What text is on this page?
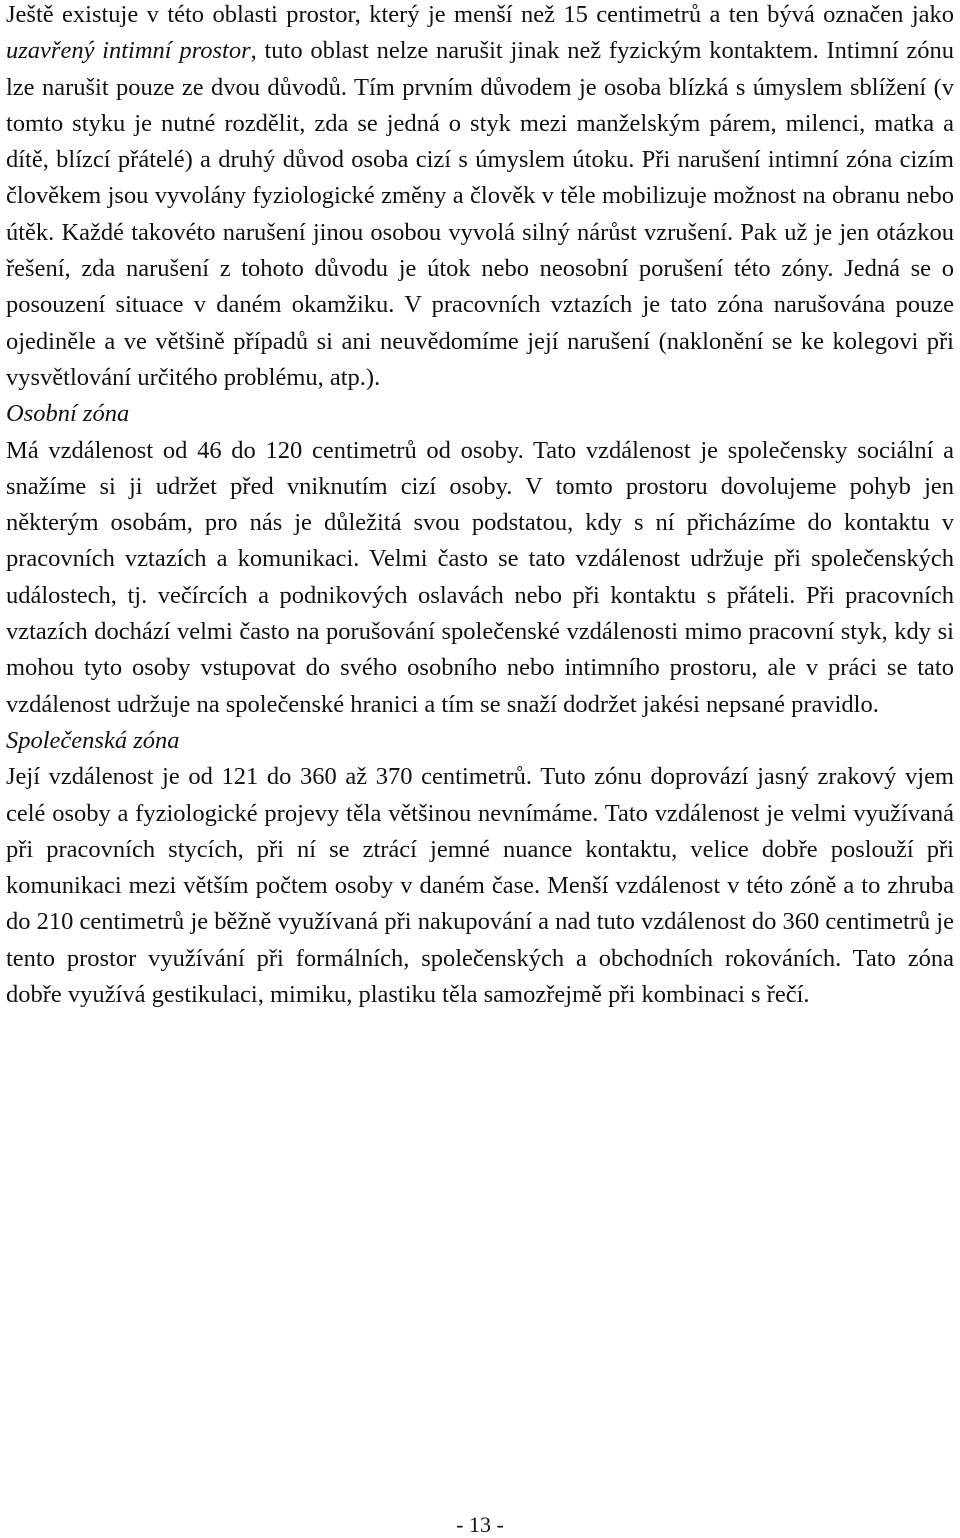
Ještě existuje v této oblasti prostor, který je menší než 15 centimetrů a ten bývá označen jako uzavřený intimní prostor, tuto oblast nelze narušit jinak než fyzickým kontaktem. Intimní zónu lze narušit pouze ze dvou důvodů. Tím prvním důvodem je osoba blízká s úmyslem sblížení (v tomto styku je nutné rozdělit, zda se jedná o styk mezi manželským párem, milenci, matka a dítě, blízcí přátelé) a druhý důvod osoba cizí s úmyslem útoku. Při narušení intimní zóna cizím člověkem jsou vyvolány fyziologické změny a člověk v těle mobilizuje možnost na obranu nebo útěk. Každé takovéto narušení jinou osobou vyvolá silný nárůst vzrušení. Pak už je jen otázkou řešení, zda narušení z tohoto důvodu je útok nebo neosobní porušení této zóny. Jedná se o posouzení situace v daném okamžiku. V pracovních vztazích je tato zóna narušována pouze ojediněle a ve většině případů si ani neuvědomíme její narušení (naklonění se ke kolegovi při vysvětlování určitého problému, atp.).

Osobní zóna

Má vzdálenost od 46 do 120 centimetrů od osoby. Tato vzdálenost je společensky sociální a snažíme si ji udržet před vniknutím cizí osoby. V tomto prostoru dovolujeme pohyb jen některým osobám, pro nás je důležitá svou podstatou, kdy s ní přicházíme do kontaktu v pracovních vztazích a komunikaci. Velmi často se tato vzdálenost udržuje při společenských událostech, tj. večírcích a podnikových oslavách nebo při kontaktu s přáteli. Při pracovních vztazích dochází velmi často na porušování společenské vzdálenosti mimo pracovní styk, kdy si mohou tyto osoby vstupovat do svého osobního nebo intimního prostoru, ale v práci se tato vzdálenost udržuje na společenské hranici a tím se snaží dodržet jakési nepsané pravidlo.

Společenská zóna

Její vzdálenost je od 121 do 360 až 370 centimetrů. Tuto zónu doprovází jasný zrakový vjem celé osoby a fyziologické projevy těla většinou nevnímáme. Tato vzdálenost je velmi využívaná při pracovních stycích, při ní se ztrácí jemné nuance kontaktu, velice dobře poslouží při komunikaci mezi větším počtem osoby v daném čase. Menší vzdálenost v této zóně a to zhruba do 210 centimetrů je běžně využívaná při nakupování a nad tuto vzdálenost do 360 centimetrů je tento prostor využívání při formálních, společenských a obchodních rokováních. Tato zóna dobře využívá gestikulaci, mimiku, plastiku těla samozřejmě při kombinaci s řečí.

- 13 -
